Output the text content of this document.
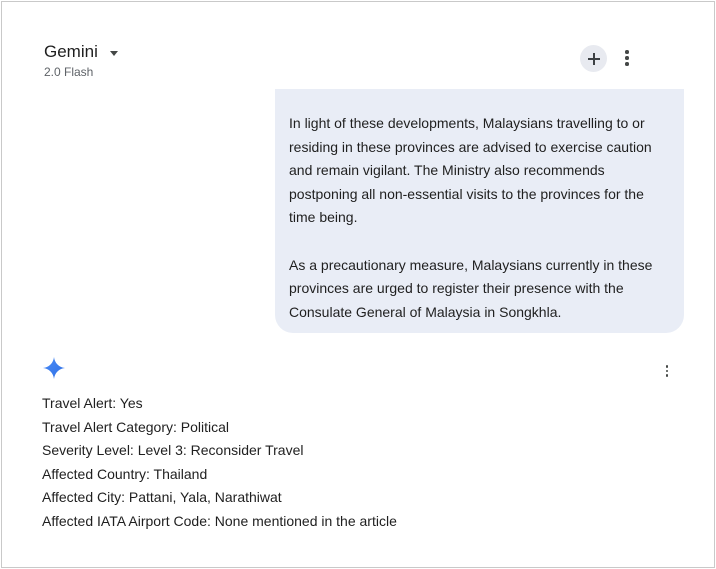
Gemini
2.0 Flash

In light of these developments, Malaysians travelling to or residing in these provinces are advised to exercise caution and remain vigilant. The Ministry also recommends postponing all non-essential visits to the provinces for the time being.

As a precautionary measure, Malaysians currently in these provinces are urged to register their presence with the Consulate General of Malaysia in Songkhla.

Travel Alert: Yes
Travel Alert Category: Political
Severity Level: Level 3: Reconsider Travel
Affected Country: Thailand
Affected City: Pattani, Yala, Narathiwat
Affected IATA Airport Code: None mentioned in the article
